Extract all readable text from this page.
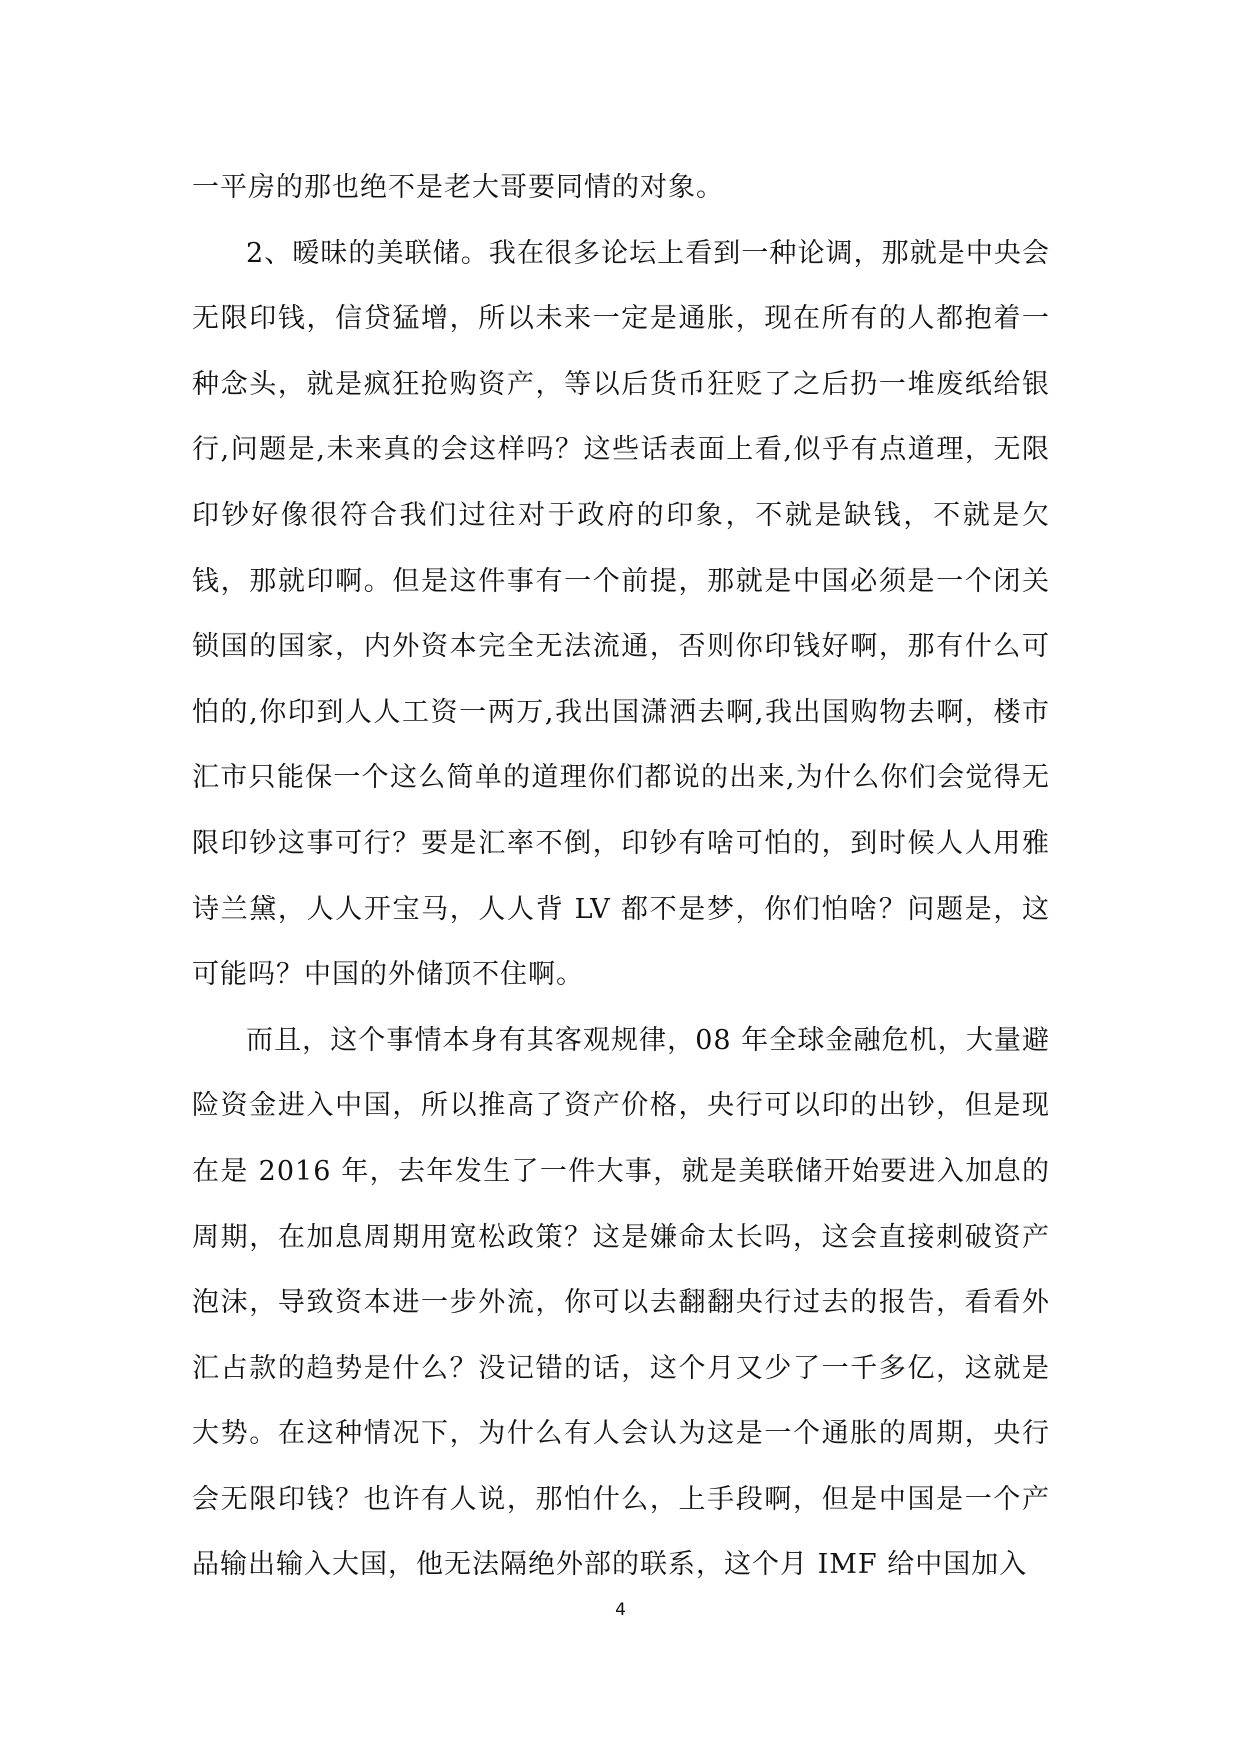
一平房的那也绝不是老大哥要同情的对象。

2、暧昧的美联储。我在很多论坛上看到一种论调，那就是中央会无限印钱，信贷猛增，所以未来一定是通胀，现在所有的人都抱着一种念头，就是疯狂抢购资产，等以后货币狂贬了之后扔一堆废纸给银行,问题是,未来真的会这样吗？这些话表面上看,似乎有点道理，无限印钞好像很符合我们过往对于政府的印象，不就是缺钱，不就是欠钱，那就印啊。但是这件事有一个前提，那就是中国必须是一个闭关锁国的国家，内外资本完全无法流通，否则你印钱好啊，那有什么可怕的,你印到人人工资一两万,我出国潇洒去啊,我出国购物去啊，楼市汇市只能保一个这么简单的道理你们都说的出来,为什么你们会觉得无限印钞这事可行？要是汇率不倒，印钞有啥可怕的，到时候人人用雅诗兰黛，人人开宝马，人人背 LV 都不是梦，你们怕啥？问题是，这可能吗？中国的外储顶不住啊。

而且，这个事情本身有其客观规律，08 年全球金融危机，大量避险资金进入中国，所以推高了资产价格，央行可以印的出钞，但是现在是 2016 年，去年发生了一件大事，就是美联储开始要进入加息的周期，在加息周期用宽松政策？这是嫌命太长吗，这会直接刺破资产泡沫，导致资本进一步外流，你可以去翻翻央行过去的报告，看看外汇占款的趋势是什么？没记错的话，这个月又少了一千多亿，这就是大势。在这种情况下，为什么有人会认为这是一个通胀的周期，央行会无限印钱？也许有人说，那怕什么，上手段啊，但是中国是一个产品输出输入大国，他无法隔绝外部的联系，这个月 IMF 给中国加入

4
